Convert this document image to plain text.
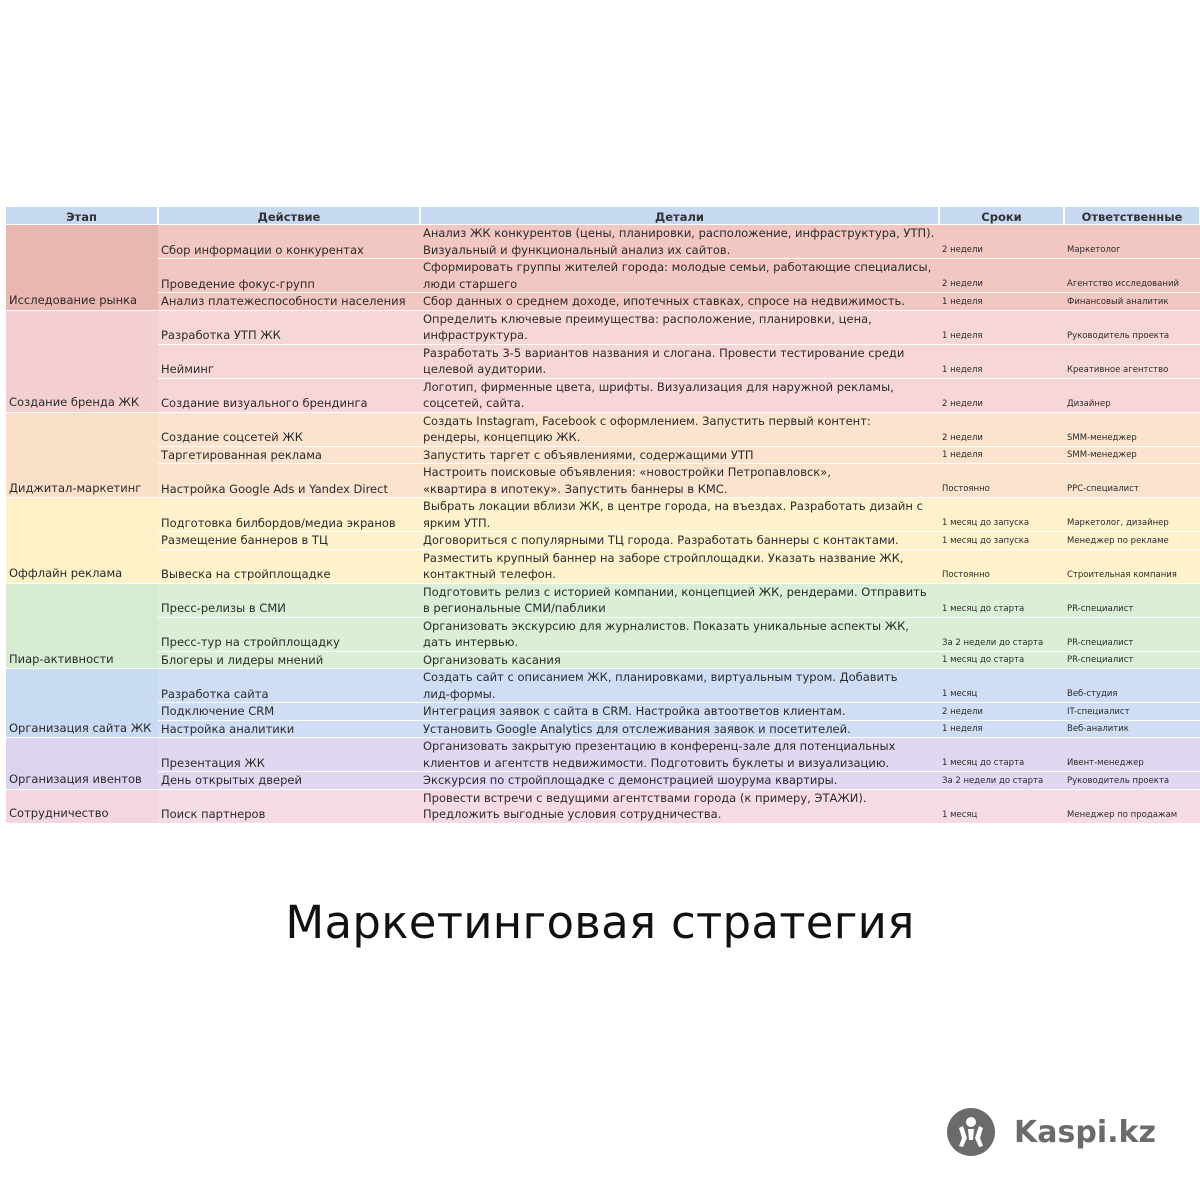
Этап	Действие	Детали	Сроки	Ответственные
Исследование рынка	Сбор информации о конкурентах	Анализ ЖК конкурентов (цены, планировки, расположение, инфраструктура, УТП).
Визуальный и функциональный анализ их сайтов.	2 недели	Маркетолог
	Проведение фокус-групп	Сформировать группы жителей города: молодые семьи, работающие специалисы, люди старшего	2 недели	Агентство исследований
	Анализ платежеспособности населения	Сбор данных о среднем доходе, ипотечных ставках, спросе на недвижимость.	1 неделя	Финансовый аналитик
Создание бренда ЖК	Разработка УТП ЖК	Определить ключевые преимущества: расположение, планировки, цена,
инфраструктура.	1 неделя	Руководитель проекта
	Нейминг	Разработать 3-5 вариантов названия и слогана. Провести тестирование среди
целевой аудитории.	1 неделя	Креативное агентство
	Создание визуального брендинга	Логотип, фирменные цвета, шрифты. Визуализация для наружной рекламы,
соцсетей, сайта.	2 недели	Дизайнер
Диджитал-маркетинг	Создание соцсетей ЖК	Создать Instagram, Facebook с оформлением. Запустить первый контент:
рендеры, концепцию ЖК.	2 недели	SMM-менеджер
	Таргетированная реклама	Запустить таргет с объявлениями, содержащими УТП	1 неделя	SMM-менеджер
	Настройка Google Ads и Yandex Direct	Настроить поисковые объявления: «новостройки Петропавловск»,
«квартира в ипотеку». Запустить баннеры в КМС.	Постоянно	PPC-специалист
Оффлайн реклама	Подготовка билбордов/медиа экранов	Выбрать локации вблизи ЖК, в центре города, на въездах. Разработать дизайн с
ярким УТП.	1 месяц до запуска	Маркетолог, дизайнер
	Размещение баннеров в ТЦ	Договориться с популярными ТЦ города. Разработать баннеры с контактами.	1 месяц до запуска	Менеджер по рекламе
	Вывеска на стройплощадке	Разместить крупный баннер на заборе стройплощадки. Указать название ЖК,
контактный телефон.	Постоянно	Строительная компания
Пиар-активности	Пресс-релизы в СМИ	Подготовить релиз с историей компании, концепцией ЖК, рендерами. Отправить
в региональные СМИ/паблики	1 месяц до старта	PR-специалист
	Пресс-тур на стройплощадку	Организовать экскурсию для журналистов. Показать уникальные аспекты ЖК,
дать интервью.	За 2 недели до старта	PR-специалист
	Блогеры и лидеры мнений	Организовать касания	1 месяц до старта	PR-специалист
Организация сайта ЖК	Разработка сайта	Создать сайт с описанием ЖК, планировками, виртуальным туром. Добавить
лид-формы.	1 месяц	Веб-студия
	Подключение CRM	Интеграция заявок с сайта в CRM. Настройка автоответов клиентам.	2 недели	IT-специалист
	Настройка аналитики	Установить Google Analytics для отслеживания заявок и посетителей.	1 неделя	Веб-аналитик
Организация ивентов	Презентация ЖК	Организовать закрытую презентацию в конференц-зале для потенциальных
клиентов и агентств недвижимости. Подготовить буклеты и визуализацию.	1 месяц до старта	Ивент-менеджер
	День открытых дверей	Экскурсия по стройплощадке с демонстрацией шоурума квартиры.	За 2 недели до старта	Руководитель проекта
Сотрудничество	Поиск партнеров	Провести встречи с ведущими агентствами города (к примеру, ЭТАЖИ).
Предложить выгодные условия сотрудничества.	1 месяц	Менеджер по продажам
Маркетинговая стратегия
Kaspi.kz
